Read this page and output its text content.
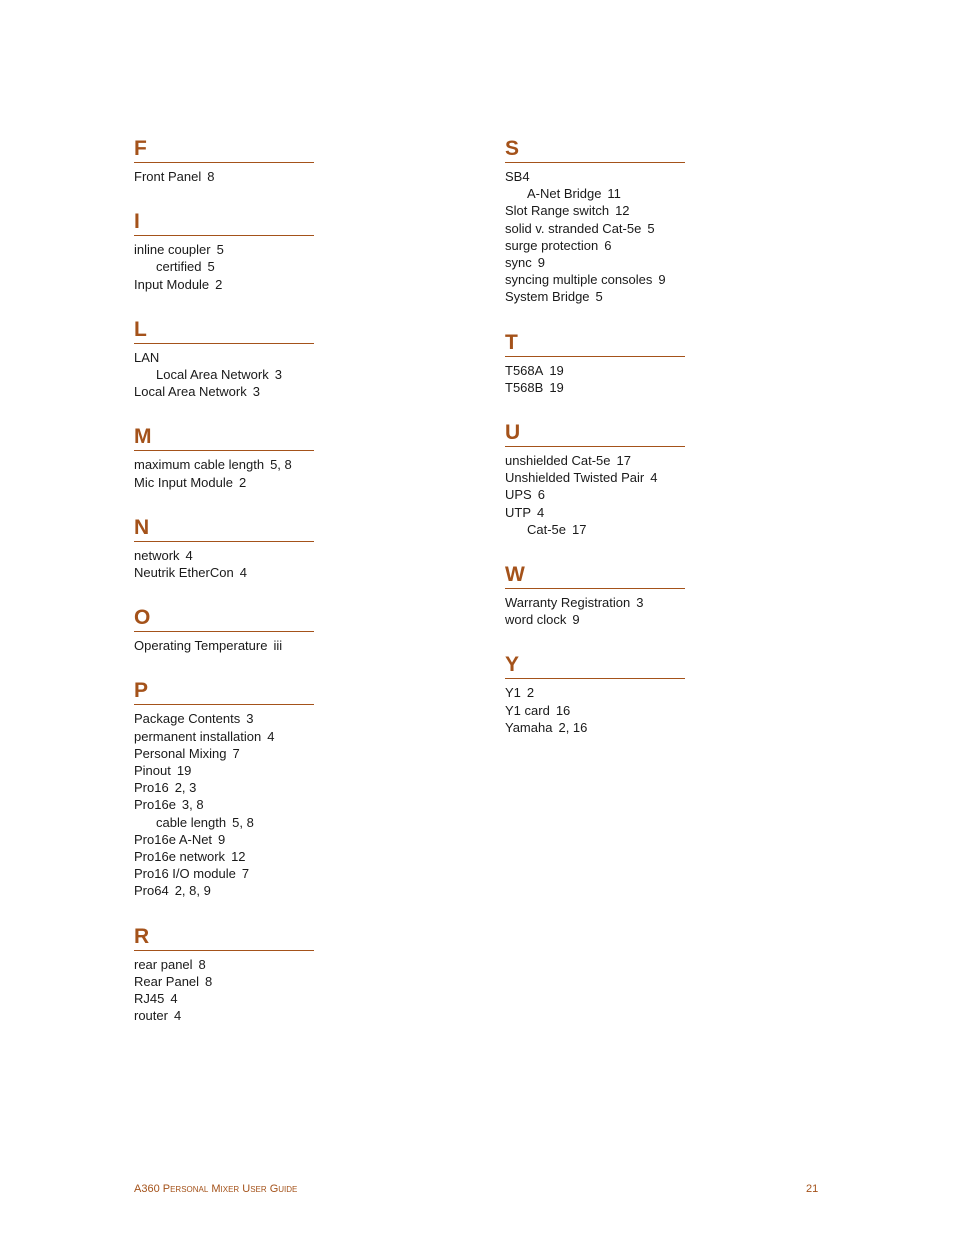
F
Front Panel 8
I
inline coupler 5
certified 5
Input Module 2
L
LAN
Local Area Network 3
Local Area Network 3
M
maximum cable length 5, 8
Mic Input Module 2
N
network 4
Neutrik EtherCon 4
O
Operating Temperature iii
P
Package Contents 3
permanent installation 4
Personal Mixing 7
Pinout 19
Pro16 2, 3
Pro16e 3, 8
cable length 5, 8
Pro16e A-Net 9
Pro16e network 12
Pro16 I/O module 7
Pro64 2, 8, 9
R
rear panel 8
Rear Panel 8
RJ45 4
router 4
S
SB4
A-Net Bridge 11
Slot Range switch 12
solid v. stranded Cat-5e 5
surge protection 6
sync 9
syncing multiple consoles 9
System Bridge 5
T
T568A 19
T568B 19
U
unshielded Cat-5e 17
Unshielded Twisted Pair 4
UPS 6
UTP 4
Cat-5e 17
W
Warranty Registration 3
word clock 9
Y
Y1 2
Y1 card 16
Yamaha 2, 16
A360 Personal Mixer User Guide	21
